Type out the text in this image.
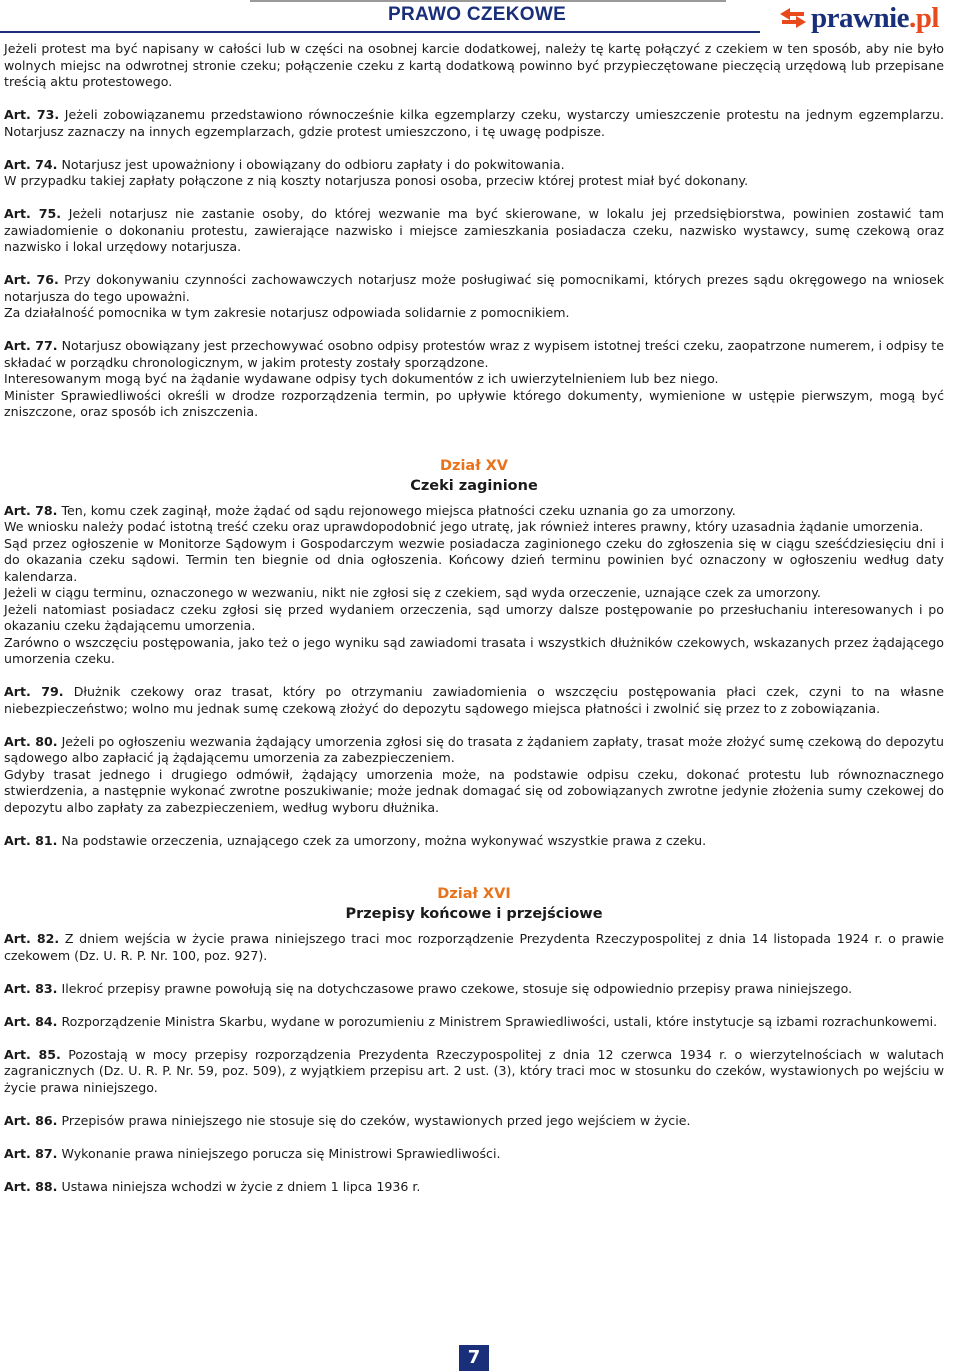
PRAWO CZEKOWE	prawnie.pl

Jeżeli protest ma być napisany w całości lub w części na osobnej karcie dodatkowej, należy tę kartę połączyć z czekiem w ten sposób, aby nie było wolnych miejsc na odwrotnej stronie czeku; połączenie czeku z kartą dodatkową powinno być przypieczętowane pieczęcią urzędową lub przepisane treścią aktu protestowego.

Art. 73. Jeżeli zobowiązanemu przedstawiono równocześnie kilka egzemplarzy czeku, wystarczy umieszczenie protestu na jednym egzemplarzu. Notarjusz zaznaczy na innych egzemplarzach, gdzie protest umieszczono, i tę uwagę podpisze.

Art. 74. Notarjusz jest upoważniony i obowiązany do odbioru zapłaty i do pokwitowania.

W przypadku takiej zapłaty połączone z nią koszty notarjusza ponosi osoba, przeciw której protest miał być dokonany.

Art. 75. Jeżeli notarjusz nie zastanie osoby, do której wezwanie ma być skierowane, w lokalu jej przedsiębiorstwa, powinien zostawić tam zawiadomienie o dokonaniu protestu, zawierające nazwisko i miejsce zamieszkania posiadacza czeku, nazwisko wystawcy, sumę czekową oraz nazwisko i lokal urzędowy notarjusza.

Art. 76. Przy dokonywaniu czynności zachowawczych notarjusz może posługiwać się pomocnikami, których prezes sądu okręgowego na wniosek notarjusza do tego upoważni.

Za działalność pomocnika w tym zakresie notarjusz odpowiada solidarnie z pomocnikiem.

Art. 77. Notarjusz obowiązany jest przechowywać osobno odpisy protestów wraz z wypisem istotnej treści czeku, zaopatrzone numerem, i odpisy te składać w porządku chronologicznym, w jakim protesty zostały sporządzone.

Interesowanym mogą być na żądanie wydawane odpisy tych dokumentów z ich uwierzytelnieniem lub bez niego.

Minister Sprawiedliwości określi w drodze rozporządzenia termin, po upływie którego dokumenty, wymienione w ustępie pierwszym, mogą być zniszczone, oraz sposób ich zniszczenia.

Dział XV
Czeki zaginione

Art. 78. Ten, komu czek zaginął, może żądać od sądu rejonowego miejsca płatności czeku uznania go za umorzony.

We wniosku należy podać istotną treść czeku oraz uprawdopodobnić jego utratę, jak również interes prawny, który uzasadnia żądanie umorzenia.

Sąd przez ogłoszenie w Monitorze Sądowym i Gospodarczym wezwie posiadacza zaginionego czeku do zgłoszenia się w ciągu sześćdziesięciu dni i do okazania czeku sądowi. Termin ten biegnie od dnia ogłoszenia. Końcowy dzień terminu powinien być oznaczony w ogłoszeniu według daty kalendarza.

Jeżeli w ciągu terminu, oznaczonego w wezwaniu, nikt nie zgłosi się z czekiem, sąd wyda orzeczenie, uznające czek za umorzony.

Jeżeli natomiast posiadacz czeku zgłosi się przed wydaniem orzeczenia, sąd umorzy dalsze postępowanie po przesłuchaniu interesowanych i po okazaniu czeku żądającemu umorzenia.

Zarówno o wszczęciu postępowania, jako też o jego wyniku sąd zawiadomi trasata i wszystkich dłużników czekowych, wskazanych przez żądającego umorzenia czeku.

Art. 79. Dłużnik czekowy oraz trasat, który po otrzymaniu zawiadomienia o wszczęciu postępowania płaci czek, czyni to na własne niebezpieczeństwo; wolno mu jednak sumę czekową złożyć do depozytu sądowego miejsca płatności i zwolnić się przez to z zobowiązania.

Art. 80. Jeżeli po ogłoszeniu wezwania żądający umorzenia zgłosi się do trasata z żądaniem zapłaty, trasat może złożyć sumę czekową do depozytu sądowego albo zapłacić ją żądającemu umorzenia za zabezpieczeniem.

Gdyby trasat jednego i drugiego odmówił, żądający umorzenia może, na podstawie odpisu czeku, dokonać protestu lub równoznacznego stwierdzenia, a następnie wykonać zwrotne poszukiwanie; może jednak domagać się od zobowiązanych zwrotne jedynie złożenia sumy czekowej do depozytu albo zapłaty za zabezpieczeniem, według wyboru dłużnika.

Art. 81. Na podstawie orzeczenia, uznającego czek za umorzony, można wykonywać wszystkie prawa z czeku.

Dział XVI
Przepisy końcowe i przejściowe

Art. 82. Z dniem wejścia w życie prawa niniejszego traci moc rozporządzenie Prezydenta Rzeczypospolitej z dnia 14 listopada 1924 r. o prawie czekowem (Dz. U. R. P. Nr. 100, poz. 927).

Art. 83. Ilekroć przepisy prawne powołują się na dotychczasowe prawo czekowe, stosuje się odpowiednio przepisy prawa niniejszego.

Art. 84. Rozporządzenie Ministra Skarbu, wydane w porozumieniu z Ministrem Sprawiedliwości, ustali, które instytucje są izbami rozrachunkowemi.

Art. 85. Pozostają w mocy przepisy rozporządzenia Prezydenta Rzeczypospolitej z dnia 12 czerwca 1934 r. o wierzytelnościach w walutach zagranicznych (Dz. U. R. P. Nr. 59, poz. 509), z wyjątkiem przepisu art. 2 ust. (3), który traci moc w stosunku do czeków, wystawionych po wejściu w życie prawa niniejszego.

Art. 86. Przepisów prawa niniejszego nie stosuje się do czeków, wystawionych przed jego wejściem w życie.

Art. 87. Wykonanie prawa niniejszego porucza się Ministrowi Sprawiedliwości.

Art. 88. Ustawa niniejsza wchodzi w życie z dniem 1 lipca 1936 r.

7
